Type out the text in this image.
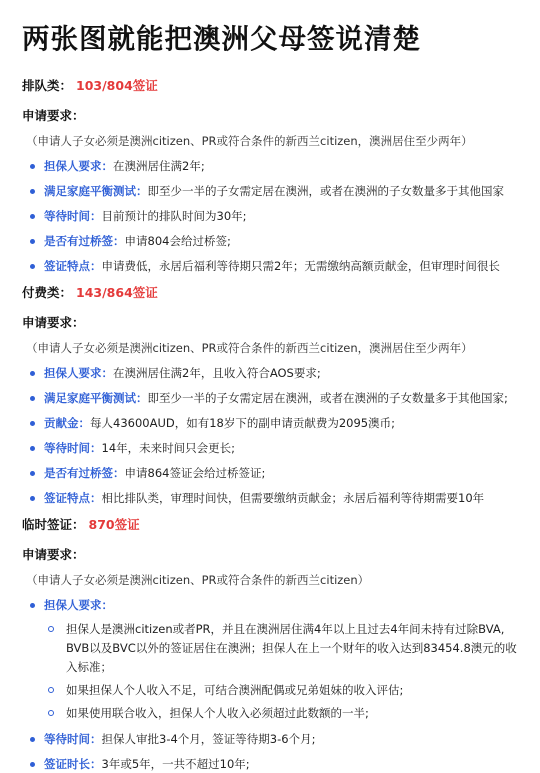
两张图就能把澳洲父母签说清楚
排队类： 103/804签证
申请要求：
（申请人子女必须是澳洲citizen、PR或符合条件的新西兰citizen，澳洲居住至少两年）
担保人要求：在澳洲居住满2年;
满足家庭平衡测试：即至少一半的子女需定居在澳洲，或者在澳洲的子女数量多于其他国家
等待时间：目前预计的排队时间为30年;
是否有过桥签：申请804会给过桥签;
签证特点：申请费低，永居后福利等待期只需2年；无需缴纳高额贡献金，但审理时间很长
付费类： 143/864签证
申请要求：
（申请人子女必须是澳洲citizen、PR或符合条件的新西兰citizen，澳洲居住至少两年）
担保人要求：在澳洲居住满2年，且收入符合AOS要求;
满足家庭平衡测试：即至少一半的子女需定居在澳洲，或者在澳洲的子女数量多于其他国家;
贡献金：每人43600AUD，如有18岁下的副申请贡献费为2095澳币;
等待时间：14年，未来时间只会更长;
是否有过桥签：申请864签证会给过桥签证;
签证特点：相比排队类，审理时间快，但需要缴纳贡献金；永居后福利等待期需要10年
临时签证： 870签证
申请要求：
（申请人子女必须是澳洲citizen、PR或符合条件的新西兰citizen）
担保人要求：
担保人是澳洲citizen或者PR，并且在澳洲居住满4年以上且过去4年间未持有过除BVA, BVB以及BVC以外的签证居住在澳洲；担保人在上一个财年的收入达到83454.8澳元的收入标准；
如果担保人个人收入不足，可结合澳洲配偶或兄弟姐妹的收入评估;
如果使用联合收入，担保人个人收入必须超过此数额的一半;
等待时间：担保人审批3-4个月，签证等待期3-6个月;
签证时长：3年或5年，一共不超过10年;
